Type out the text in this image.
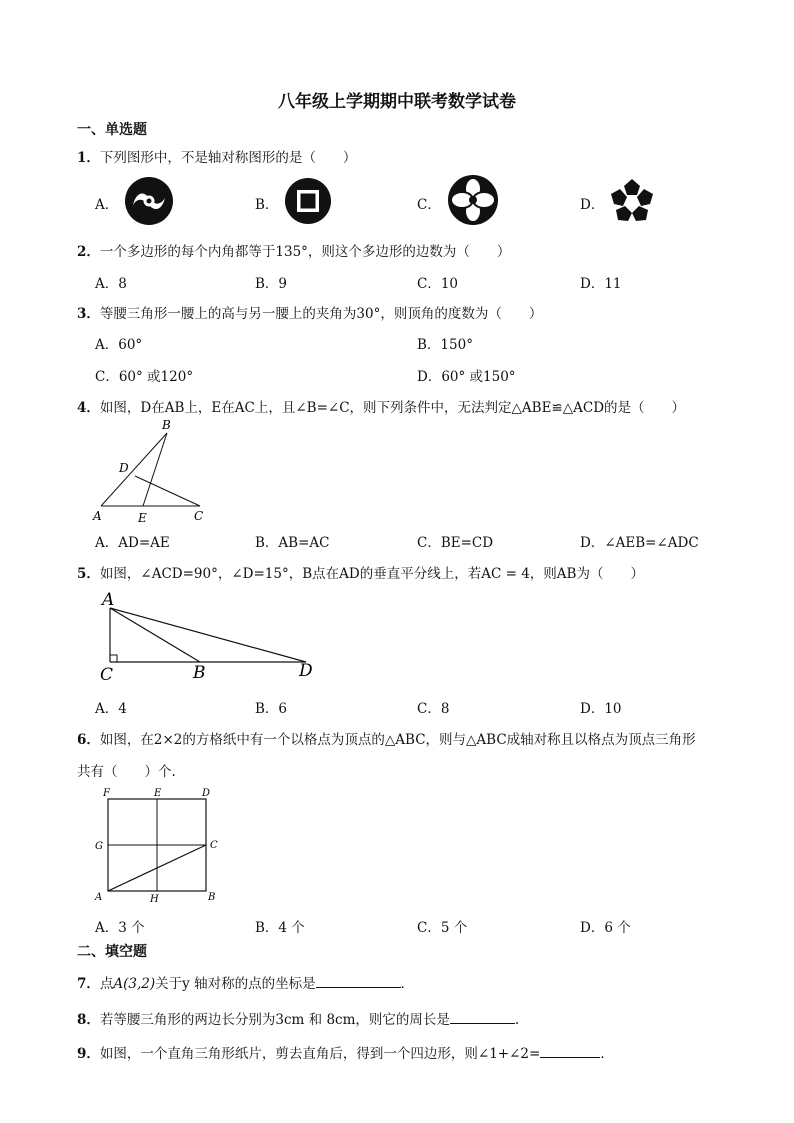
八年级上学期期中联考数学试卷
一、单选题
1．下列图形中，不是轴对称图形的是（　　）
A．	B．	C．	D．
2．一个多边形的每个内角都等于135°，则这个多边形的边数为（　　）
A．8	B．9	C．10	D．11
3．等腰三角形一腰上的高与另一腰上的夹角为30°，则顶角的度数为（　　）
A．60°	B．150°
C．60° 或120°	D．60° 或150°
4．如图，D在AB上，E在AC上，且∠B=∠C，则下列条件中，无法判定△ABE≌△ACD的是（　　）
B
D
A	E	C
A．AD=AE	B．AB=AC	C．BE=CD	D．∠AEB=∠ADC
5．如图，∠ACD=90°，∠D=15°，B点在AD的垂直平分线上，若AC = 4，则AB为（　　）
A
C	B	D
A．4	B．6	C．8	D．10
6．如图，在2×2的方格纸中有一个以格点为顶点的△ABC，则与△ABC成轴对称且以格点为顶点三角形
共有（　　）个.
F	E	D
G	C
A	H	B
A．3 个	B．4 个	C．5 个	D．6 个
二、填空题
7．点A(3,2)关于y 轴对称的点的坐标是	．
8．若等腰三角形的两边长分别为3cm 和 8cm，则它的周长是	.
9．如图，一个直角三角形纸片，剪去直角后，得到一个四边形，则∠1+∠2=	．
